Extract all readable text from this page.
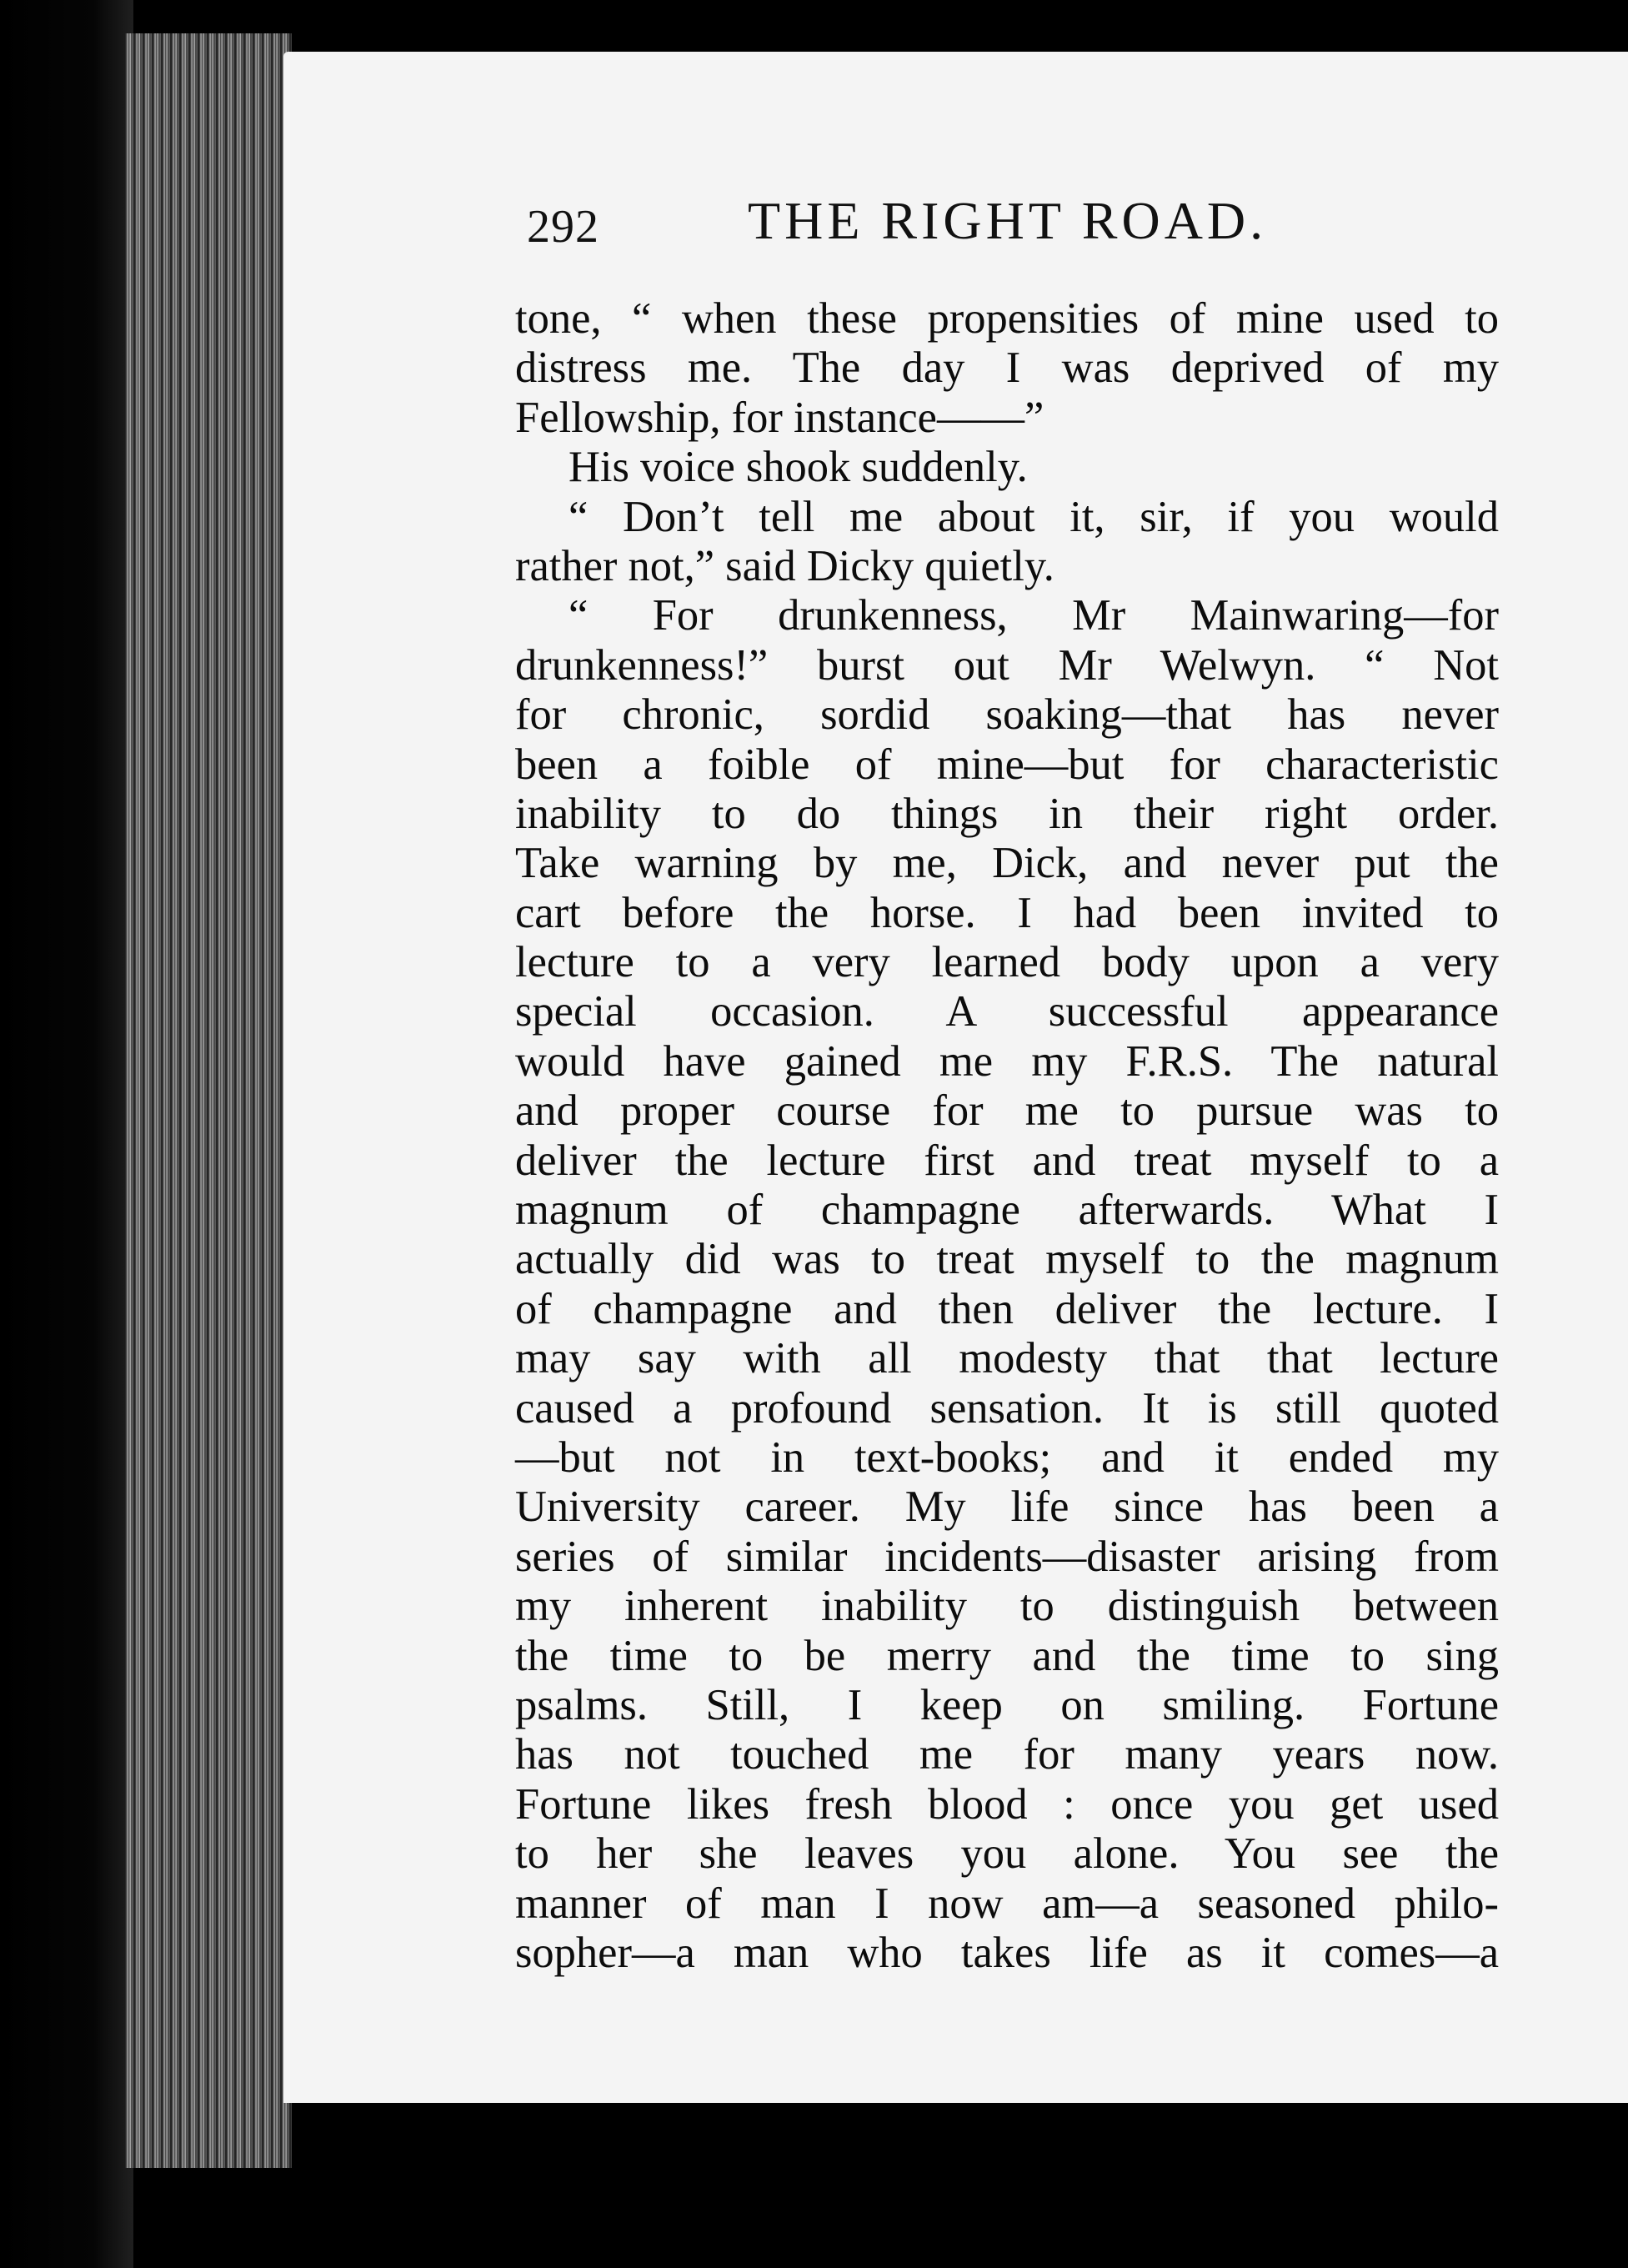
292	THE RIGHT ROAD.
tone, “ when these propensities of mine used to
distress me. The day I was deprived of my
Fellowship, for instance——”
His voice shook suddenly.
“ Don’t tell me about it, sir, if you would
rather not,” said Dicky quietly.
“ For drunkenness, Mr Mainwaring—for
drunkenness!” burst out Mr Welwyn. “ Not
for chronic, sordid soaking—that has never
been a foible of mine—but for characteristic
inability to do things in their right order.
Take warning by me, Dick, and never put the
cart before the horse. I had been invited to
lecture to a very learned body upon a very
special occasion. A successful appearance
would have gained me my F.R.S. The natural
and proper course for me to pursue was to
deliver the lecture first and treat myself to a
magnum of champagne afterwards. What I
actually did was to treat myself to the magnum
of champagne and then deliver the lecture. I
may say with all modesty that that lecture
caused a profound sensation. It is still quoted
—but not in text-books; and it ended my
University career. My life since has been a
series of similar incidents—disaster arising from
my inherent inability to distinguish between
the time to be merry and the time to sing
psalms. Still, I keep on smiling. Fortune
has not touched me for many years now.
Fortune likes fresh blood : once you get used
to her she leaves you alone. You see the
manner of man I now am—a seasoned philo-
sopher—a man who takes life as it comes—a
